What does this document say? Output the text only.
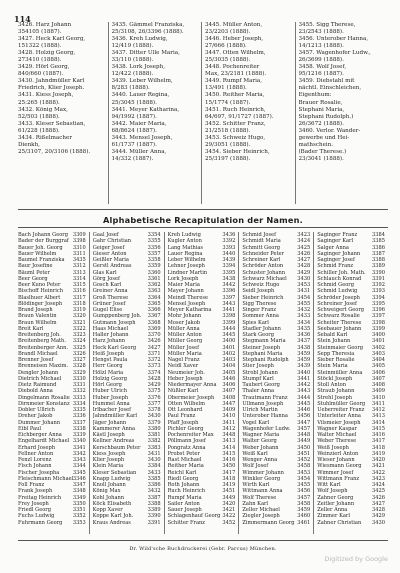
114
3426. Harz Johann
354105 (1887).
3427. Heck Karl Georg,
151322 (1888).
3428. Holzig Georg,
273410 (1888).
3429. Hörl Georg,
840/660 (1887).
3430. Jahndmüller Karl
Friedrich, Klier Joseph.
3431. Kiess Joseph,
25:265 (1888).
3432. König Max,
52/503 (1888).
3433. Kleser Sebastian,
61/228 (1888).
3434. Rißelmacher
Dienkh,
25/3107, 20/3106 (1888).
3435. Gämmel Franziska,
25/3108, 26/3396 (1888).
3436. Kreh Ludwig,
12/419 (1888).
3437. Ditter Ulle Maria,
33/110 (1888).
3438. Lork Joseph,
12/422 (1888).
3439. Leber Wilhelm,
8/283 (1888).
3440. Lauer Regina,
25/3045 (1888).
3441. Meyer Katharina,
94/1992 (1887).
3442. Maier Maria,
68/8624 (1887).
3443. Mensel Joseph,
61/1737 (1887).
3444. Müller Anna,
14/332 (1887).
3445. Müller Anton,
23/2203 (1888).
3446. Heber Joseph,
27/666 (1888).
3447. Otten Wilhelm,
25/3035 (1888).
3448. Pochenreiter
Max, 23/2181 (1888).
3449. Rumpf Maria,
13/491 (1888).
3450. Reither Maria,
15/1774 (1887).
3451. Ruch Heinrich,
64/697, 91/1727 (1887).
3452. Schitter Franz,
21/2518 (1888).
3453. Schweiz Hugo,
29/3051 (1888).
3454. Sieber Heinrich,
25/3197 (1888).
3455. Sigg Therese,
23/2543 (1888).
3456. Unterober Hanna,
14/1213 (1888).
3457. Wagenhofer Ludw.,
26/3699 (1888).
3458. Wolf Josef,
95/1216 (1887).
3459. Diebstahl mit
nächtl. Einschleichen,
Eigenthum:
Brauer Rosalie,
Stephani Maria,
Stephani Rudolph.)
26/3672 (1888).
3460. Verlor. Wander-
gewerbe und Hei-
mathschein.
(Bader Therese.)
23/3041 (1888).
Alphabetische Recapitulation der Namen.
Bach Johann Georg 3309
Bader der Burggraf 3398
Bauer Joh. Georg	3310
Bauer Wilhelm	3311
Baumel Franziska	3435
Baur Josefine	3312
Bäuml Peter	3313
Beer Georg	3314
Beer Kuno Peter	3315
Bischoff Heinrich	3316
Blaslhuer Albert	3317
Blödinger Joseph	3318
Brand Joseph	3319
Braun Valentin	3320
Braun Wilhelm	3321
Breit Karl	3322
Breitenberg Joh.	3323
Breitenberg Math.	3324
Breitenberger Ann. 3325
Brandl Michael	3326
Brenner Josef	3327
Brenneisen Maxim. 3328
Dengler Johann	3329
Dietrich Michael	3330
Dietz Raimund	3331
Diebold Anna	3332
Dingelmann Rosalie 3333
Dirnmeier Konstanz 3334
Dobler Ullrich	3335
Dreher Jakob	3336
Dummer Johann	3337
Eibl Paul	3338
Eichberger Anna	3339
Engelhardt Michael 3340
Erhard Joseph	3341
Fellner Anton	3342
Fenzl Lorenz	3343
Fisch Johann	3344
Fischer Josepha	3345
Fleischmann Michael 3346
Foll Franz	3347
Frank Joseph	3348
Freitag Heinrich	3349
Frey Joseph	3350
Friedl Georg	3351
Fuchs Ludwig	3352
Fuhrmann Georg	3353
Gaal Josef	3354
Gahr Christian	3355
Geiger Josef	3356
Gieser Anton	3357
Geißler Maria	3358
Gerstl Andreas	3359
Glas Karl	3360
Görg Josef	3361
Gosch Karl	3362
Greiner Anna	3363
Groß Therese	3364
Grüner Josef	3365
Gugel Elise	3366
Gumppenberg Joh.	3367
Gutmann Joseph	3368
Haas Michael	3369
Haller Johann	3370
Harz Johann	3426
Heck Karl Georg	3427
Heiß Joseph	3371
Hengst Paula	3372
Herr Georg	3373
Hölzl Maria	3374
Holzig Georg	3428
Hörl Georg	3429
Huber Ulrich	3375
Huber Joseph	3376
Hummel Anna	3377
Irlbacher Josef	3378
Jahndmüller Karl	3430
Jäger Johann	3379
Kammerer Anna	3380
Kästl Joseph	3381
Kellner Andreas	3382
Kerschbaum Peter	3383
Kiess Joseph	3431
Klier Joseph	3430
Klein Maria	3384
Kleser Sebastian	3433
Knapp Ludwig	3385
Knoll Johann	3386
König Max	3432
Kohl Johann	3387
Köck Elisabeth	3388
Kopp Xaver	3389
Koppe Karl Joh.	3390
Kraus Andreas	3391
Kreh Ludwig	3436
Kugler Anton	3392
Lang Mathias	3393
Lauer Regina	3440
Leber Wilhelm	3439
Lehner Joseph	3394
Lindner Martin	3395
Lork Joseph	3438
Maier Maria	3442
Mayer Johann	3396
Meindl Therese	3397
Mensel Joseph	3443
Meyer Katharina	3441
Mohr Johann	3398
Moser Jakob	3399
Müller Anna	3444
Müller Anton	3445
Müller Georg	3400
Müller Josef	3401
Müller Maria	3402
Nagel Franz	3403
Neidl Xaver	3404
Neumeier Joh.	3405
Heber Joseph	3446
Niedermayer Anna	3406
Nüßler Karl	3407
Obermeier Joseph	3408
Otten Wilhelm	3447
Ott Leonhard	3409
Paul Franz	3410
Pfaff Joseph	3411
Pichler Georg	3412
Pochenreiter Max	3448
Pöllmann Josef	3413
Pongratz Anna	3414
Probst Peter	3415
Rast Michael	3416
Reither Maria	3450
Reichl Karl	3417
Riedl Georg	3418
Roth Johann	3419
Ruch Heinrich	3451
Rumpf Maria	3449
Sailer Anton	3420
Sauer Joseph	3421
Schlagenhauf Georg 3422
Schitter Franz	3452
Schmid Josef	3423
Schmidt Maria	3424
Schmitt Georg	3425
Schneider Peter	3426
Schreiner Karl	3427
Schröder Anton	3428
Schuster Johann	3429
Schwarz Michael	3430
Schweiz Hugo	3453
Seidl Joseph	3431
Sieber Heinrich	3454
Sigg Therese	3455
Singer Franz	3432
Sommer Anna	3433
Spies Karl	3434
Stadler Johann	3435
Stark Georg	3436
Stegmann Maria	3437
Steiner Joseph	3438
Stephani Maria	3459
Stephani Rudolph	3459
Stier Joseph	3439
Strobl Johann	3440
Stumpf Karl	3441
Taubert Georg	3442
Thaler Anna	3443
Trautmann Franz	3444
Ullmann Joseph	3445
Ulrich Martin	3446
Unterober Hanna	3456
Vogel Karl	3447
Wagenhofer Ludw.	3457
Wagner Maria	3448
Walter Georg	3449
Weber Johann	3450
Weiß Karl	3451
Wenger Anna	3452
Wolf Josef	3458
Wimmer Johann	3453
Winkler Georg	3454
Wirth Karl	3455
Wittmann Anna	3456
Wolf Therese	3457
Zahn Karl	3458
Zeller Michael	3459
Ziegler Joseph	3460
Zimmermann Georg 3461
Saginger Franz	3384
Saginger Karl	3385
Salger Anna	3386
Saginger Johann	3387
Saginger Josef	3388
Schmid Franz	3389
Schiller Joh. Math.	3390
Schlauch Konrad	3391
Schmid Georg	3392
Schmid Ludwig	3393
Schröder Joseph	3394
Schreiner Josef	3395
Schweigert Georg	3396
Schwarz Rosalie	3397
Scheiter Therese	3398
Seebauer Johann	3399
Sebald Karl	3400
Stein Johann	3401
Steinmaier Georg	3402
Sepp Theresia	3403
Sieber Rosalie	3404
Stein Maria	3405
Steinmüller Anna	3406
Stöckl Joseph	3407
Stoll Anton	3408
Straub Johann	3409
Strehl Joseph	3410
Stuhlmüller Georg	3411
Ueberreiter Franz	3412
Unterleiter Anna	3413
Vilsmeier Joseph	3414
Wagner Kaspar	3415
Walter Michael	3416
Weber Therese	3417
Weiß Joseph	3418
Weinzierl Anton	3419
Wieser Johann	3420
Wiesmann Georg	3421
Wimmer Josef	3422
Wittmann Franz	3423
Witt Karl	3424
Wolf Joseph	3425
Zahner Georg	3426
Zeitler Johann	3427
Zeller Anna	3428
Zimmer Karl	3429
Zahner Christian	3430
Dr. Wild'sche Buchdruckerei (Gebr. Parcus) München.
Digitized by Google
